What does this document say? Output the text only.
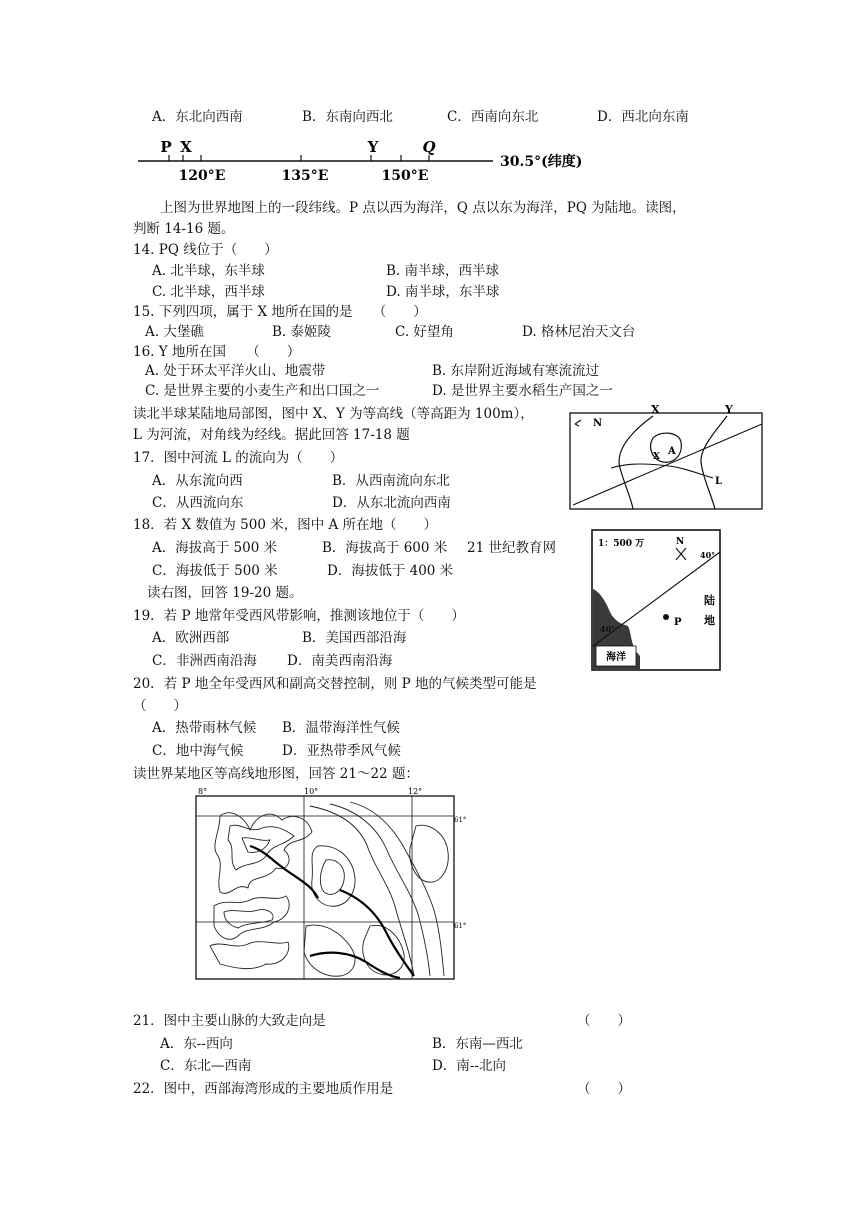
A．东北向西南	B．东南向西北	C．西南向东北	D．西北向东南
P X	Y	Q
120°E	135°E	150°E
30.5°(纬度)
上图为世界地图上的一段纬线。P 点以西为海洋，Q 点以东为海洋，PQ 为陆地。读图，
判断 14-16 题。
14. PQ 线位于（　　）
A. 北半球，东半球	B. 南半球，西半球
C. 北半球，西半球	D. 南半球，东半球
15. 下列四项，属于 X 地所在国的是　　（　　）
A. 大堡礁	B. 泰姬陵	C. 好望角	D. 格林尼治天文台
16. Y 地所在国　　（　　）
A. 处于环太平洋火山、地震带	B. 东岸附近海域有寒流流过
C. 是世界主要的小麦生产和出口国之一	D. 是世界主要水稻生产国之一
读北半球某陆地局部图，图中 X、Y 为等高线（等高距为 100m），
L 为河流，对角线为经线。据此回答 17-18 题
N
X	Y
X A
L
17．图中河流 L 的流向为（　　）
A．从东流向西	B．从西南流向东北
C．从西流向东	D．从东北流向西南
18．若 X 数值为 500 米，图中 A 所在地（　　）
A．海拔高于 500 米	B．海拔高于 600 米 21 世纪教育网
C．海拔低于 500 米	D．海拔低于 400 米
读右图，回答 19-20 题。
海洋
1：500 万	N
40°
40°
P
陆
地
19．若 P 地常年受西风带影响，推测该地位于（　　）
A．欧洲西部	B．美国西部沿海
C．非洲西南沿海 D．南美西南沿海
20．若 P 地全年受西风和副高交替控制，则 P 地的气候类型可能是
（　　）
A．热带雨林气候 B．温带海洋性气候
C．地中海气候	D．亚热带季风气候
读世界某地区等高线地形图，回答 21～22 题：
8°	10°	12°
61°
61°
21．图中主要山脉的大致走向是	（　　）
A．东--西向	B．东南—西北
C．东北—西南	D．南--北向
22．图中，西部海湾形成的主要地质作用是	（　　）
